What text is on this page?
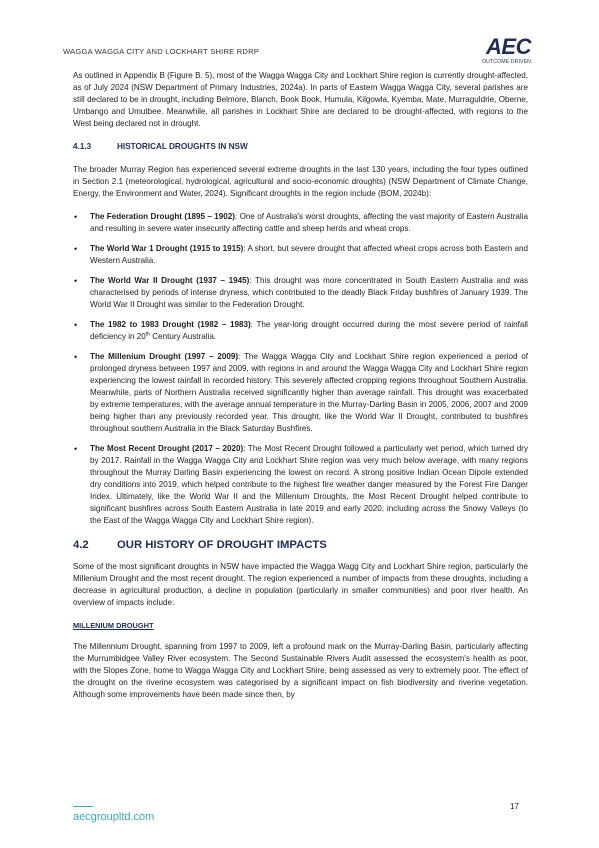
WAGGA WAGGA CITY AND LOCKHART SHIRE RDRP	AEC
OUTCOME DRIVEN

As outlined in Appendix B (Figure B. 5), most of the Wagga Wagga City and Lockhart Shire region is currently drought-affected, as of July 2024 (NSW Department of Primary Industries, 2024a). In parts of Eastern Wagga Wagga City, several parishes are still declared to be in drought, including Belmore, Blanch, Book Book, Humula, Kilgowla, Kyemba, Mate, Murraguldrie, Oberne, Umbango and Umutbee. Meanwhile, all parishes in Lockhart Shire are declared to be drought-affected, with regions to the West being declared not in drought.

4.1.3	HISTORICAL DROUGHTS IN NSW

The broader Murray Region has experienced several extreme droughts in the last 130 years, including the four types outlined in Section 2.1 (meteorological, hydrological, agricultural and socio-economic droughts) (NSW Department of Climate Change, Energy, the Environment and Water, 2024). Significant droughts in the region include (BOM, 2024b):

• The Federation Drought (1895 – 1902): One of Australia's worst droughts, affecting the vast majority of Eastern Australia and resulting in severe water insecurity affecting cattle and sheep herds and wheat crops.
• The World War 1 Drought (1915 to 1915): A short, but severe drought that affected wheat crops across both Eastern and Western Australia.
• The World War II Drought (1937 – 1945): This drought was more concentrated in South Eastern Australia and was characterised by periods of intense dryness, which contributed to the deadly Black Friday bushfires of January 1939. The World War II Drought was similar to the Federation Drought.
• The 1982 to 1983 Drought (1982 – 1983): The year-long drought occurred during the most severe period of rainfall deficiency in 20th Century Australia.
• The Millenium Drought (1997 – 2009): The Wagga Wagga City and Lockhart Shire region experienced a period of prolonged dryness between 1997 and 2009, with regions in and around the Wagga Wagga City and Lockhart Shire region experiencing the lowest rainfall in recorded history. This severely affected cropping regions throughout Southern Australia. Meanwhile, parts of Northern Australia received significantly higher than average rainfall. This drought was exacerbated by extreme temperatures, with the average annual temperature in the Murray-Darling Basin in 2005, 2006, 2007 and 2009 being higher than any previously recorded year. This drought, like the World War II Drought, contributed to bushfires throughout southern Australia in the Black Saturday Bushfires.
• The Most Recent Drought (2017 – 2020): The Most Recent Drought followed a particularly wet period, which turned dry by 2017. Rainfall in the Wagga Wagga City and Lockhart Shire region was very much below average, with many regions throughout the Murray Darling Basin experiencing the lowest on record. A strong positive Indian Ocean Dipole extended dry conditions into 2019, which helped contribute to the highest fire weather danger measured by the Forest Fire Danger Index. Ultimately, like the World War II and the Millenium Droughts, the Most Recent Drought helped contribute to significant bushfires across South Eastern Australia in late 2019 and early 2020, including across the Snowy Valleys (to the East of the Wagga Wagga City and Lockhart Shire region).
4.2	OUR HISTORY OF DROUGHT IMPACTS

Some of the most significant droughts in NSW have impacted the Wagga Wagg City and Lockhart Shire region, particularly the Millenium Drought and the most recent drought. The region experienced a number of impacts from these droughts, including a decrease in agricultural production, a decline in population (particularly in smaller communities) and poor river health. An overview of impacts include:

MILLENIUM DROUGHT

The Millennium Drought, spanning from 1997 to 2009, left a profound mark on the Murray-Darling Basin, particularly affecting the Murrumbidgee Valley River ecosystem. The Second Sustainable Rivers Audit assessed the ecosystem's health as poor, with the Slopes Zone, home to Wagga Wagga City and Lockhart Shire, being assessed as very to extremely poor. The effect of the drought on the riverine ecosystem was categorised by a significant impact on fish biodiversity and riverine vegetation. Although some improvements have been made since then, by

aecgroupltd.com
17
